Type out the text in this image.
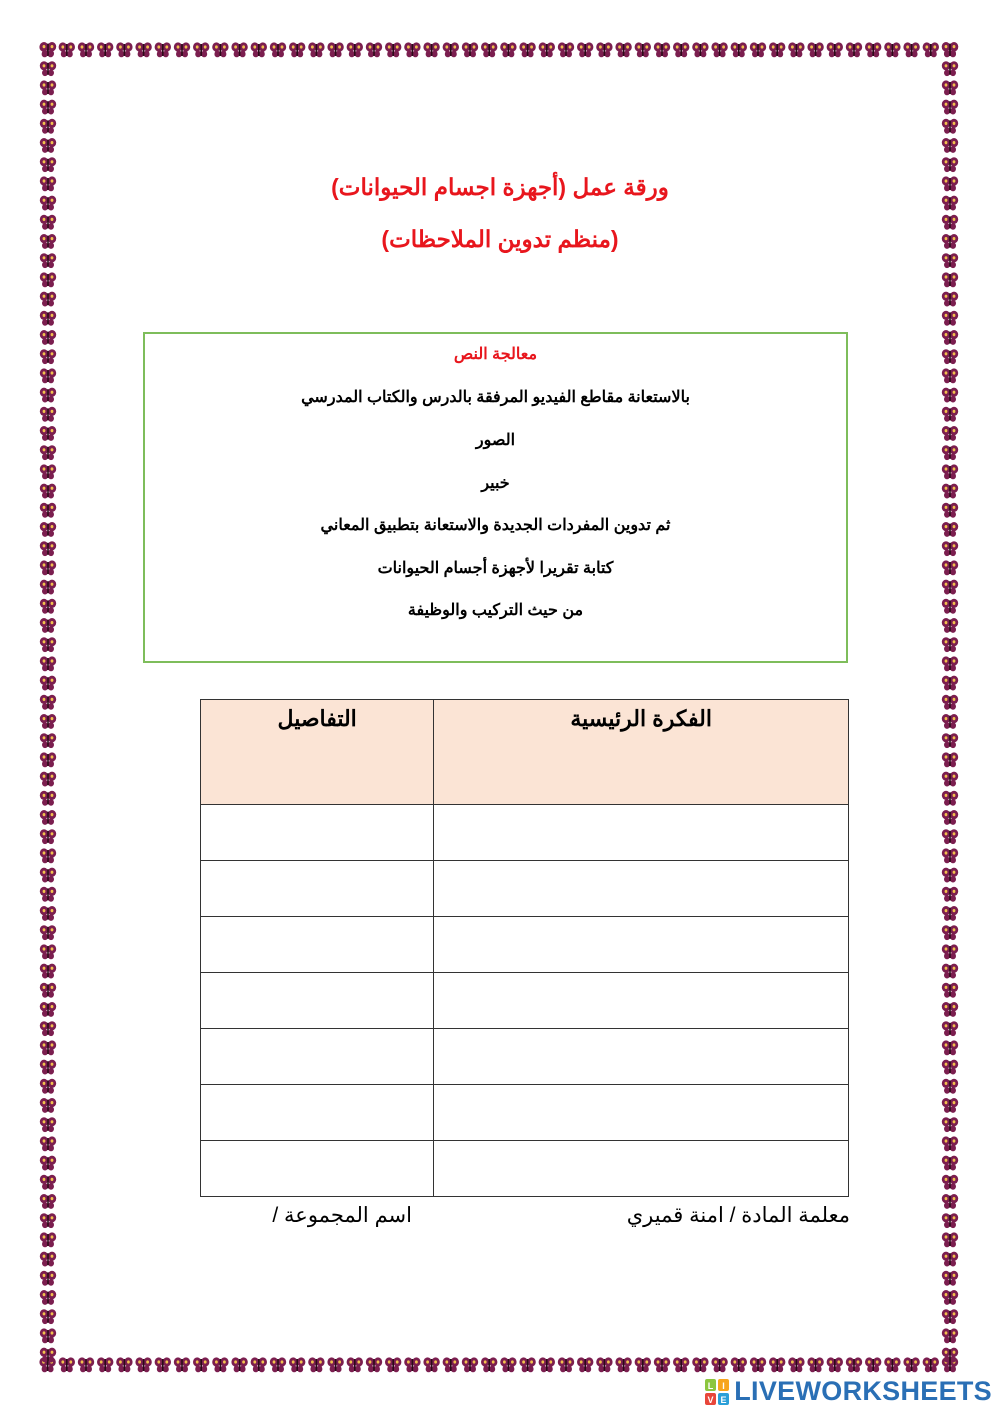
ورقة عمل (أجهزة اجسام الحيوانات)
(منظم تدوين الملاحظات)
معالجة النص
بالاستعانة مقاطع الفيديو المرفقة بالدرس والكتاب المدرسي
الصور
خبير
ثم تدوين المفردات الجديدة والاستعانة بتطبيق المعاني
كتابة تقريرا لأجهزة أجسام الحيوانات
من حيث التركيب والوظيفة
الفكرة الرئيسية	التفاصيل

معلمة المادة / امنة قميري
اسم المجموعة /
L I
V E LIVEWORKSHEETS
